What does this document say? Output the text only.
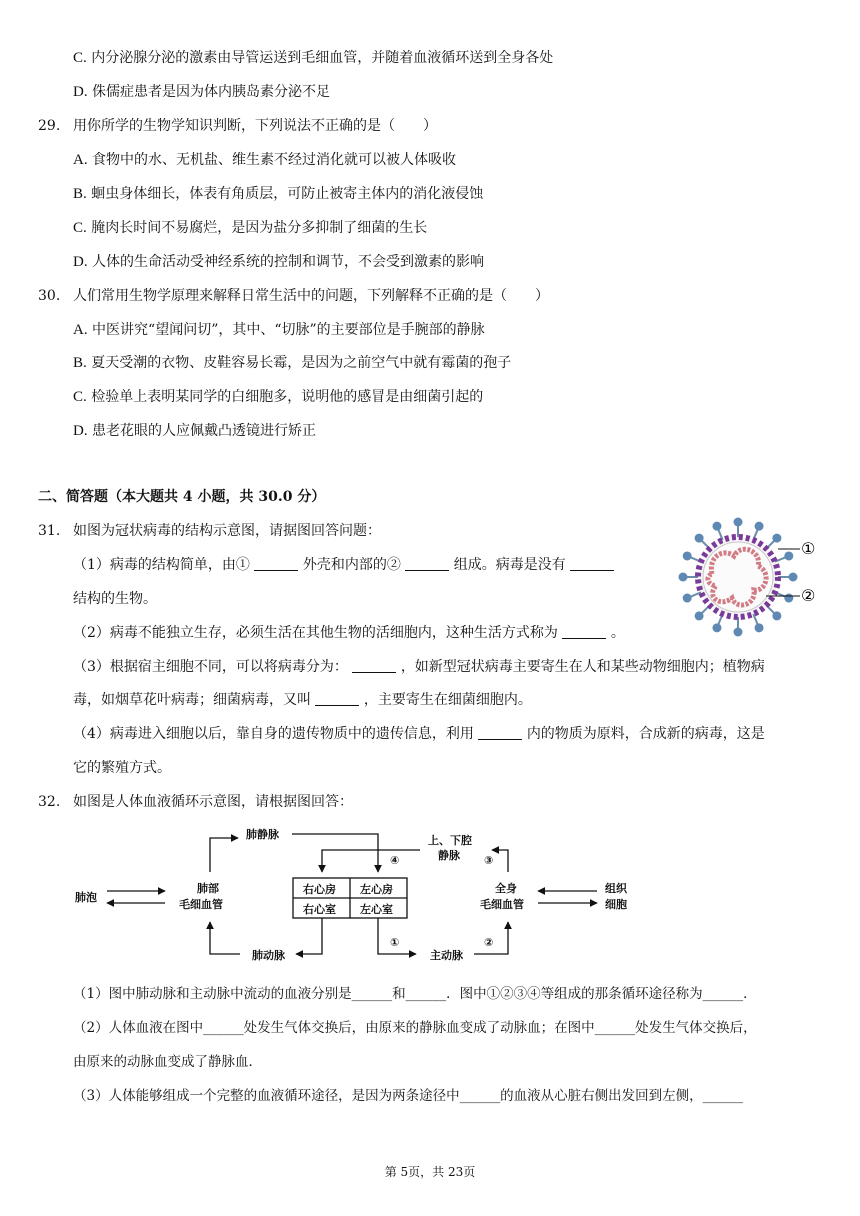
C. 内分泌腺分泌的激素由导管运送到毛细血管，并随着血液循环送到全身各处
D. 侏儒症患者是因为体内胰岛素分泌不足
29. 用你所学的生物学知识判断，下列说法不正确的是（　　）
A. 食物中的水、无机盐、维生素不经过消化就可以被人体吸收
B. 蛔虫身体细长，体表有角质层，可防止被寄主体内的消化液侵蚀
C. 腌肉长时间不易腐烂，是因为盐分多抑制了细菌的生长
D. 人体的生命活动受神经系统的控制和调节，不会受到激素的影响
30. 人们常用生物学原理来解释日常生活中的问题，下列解释不正确的是（　　）
A. 中医讲究“望闻问切”，其中、“切脉”的主要部位是手腕部的静脉
B. 夏天受潮的衣物、皮鞋容易长霉，是因为之前空气中就有霉菌的孢子
C. 检验单上表明某同学的白细胞多，说明他的感冒是由细菌引起的
D. 患老花眼的人应佩戴凸透镜进行矫正
二、简答题（本大题共 4 小题，共 30.0 分）
31. 如图为冠状病毒的结构示意图，请据图回答问题：
（1）病毒的结构简单，由①	外壳和内部的②	组成。病毒是没有
结构的生物。
（2）病毒不能独立生存，必须生活在其他生物的活细胞内，这种生活方式称为	。
（3）根据宿主细胞不同，可以将病毒分为：	，如新型冠状病毒主要寄生在人和某些动物细胞内；植物病
毒，如烟草花叶病毒；细菌病毒，又叫	，主要寄生在细菌细胞内。
（4）病毒进入细胞以后，靠自身的遗传物质中的遗传信息，利用	内的物质为原料，合成新的病毒，这是
它的繁殖方式。
①
②
32. 如图是人体血液循环示意图，请根据图回答：
右心房 左心房
右心室 左心室
肺静脉	上、下腔
静脉
肺泡
肺部
毛细血管
全身
毛细血管
组织
细胞
肺动脉	主动脉
④	③
①	②
（1）图中肺动脉和主动脉中流动的血液分别是______和______．图中①②③④等组成的那条循环途径称为______．
（2）人体血液在图中______处发生气体交换后，由原来的静脉血变成了动脉血；在图中______处发生气体交换后，
由原来的动脉血变成了静脉血．
（3）人体能够组成一个完整的血液循环途径，是因为两条途径中______的血液从心脏右侧出发回到左侧，______
第 5页，共 23页
